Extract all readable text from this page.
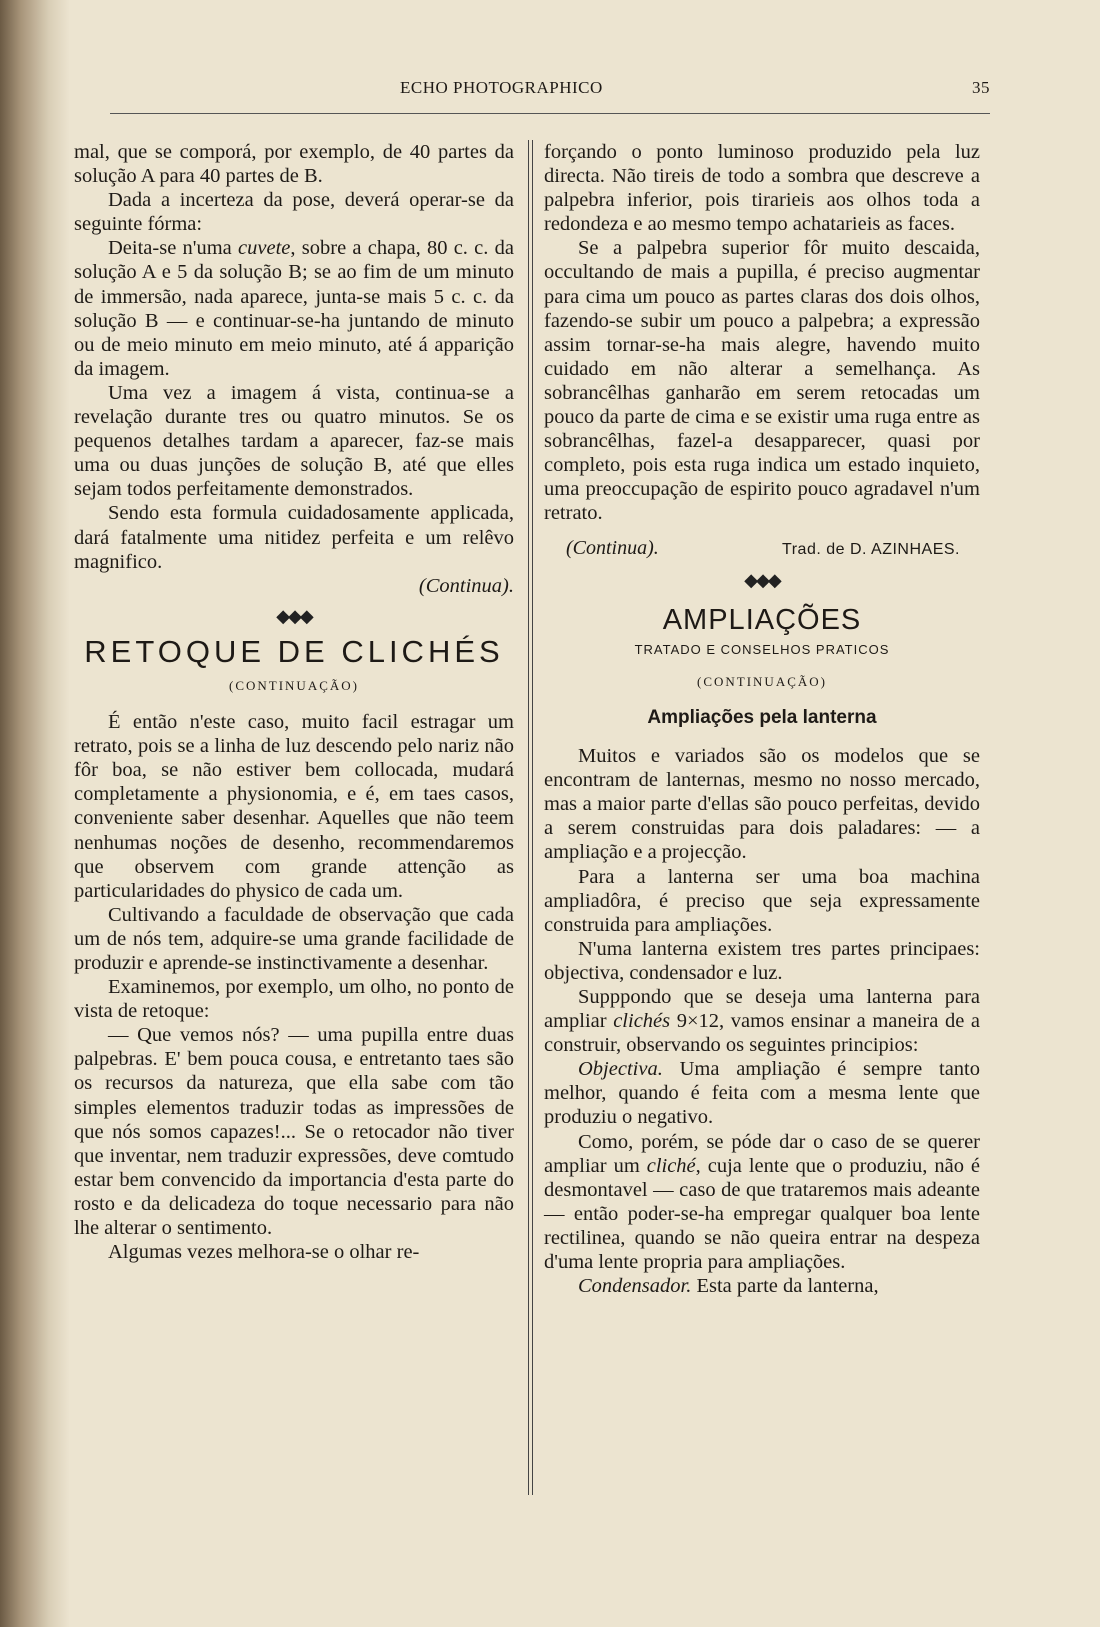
ECHO PHOTOGRAPHICO	35

mal, que se comporá, por exemplo, de 40 partes da solução A para 40 partes de B.

Dada a incerteza da pose, deverá operar-se da seguinte fórma:

Deita-se n'uma cuvete, sobre a chapa, 80 c. c. da solução A e 5 da solução B; se ao fim de um minuto de immersão, nada aparece, junta-se mais 5 c. c. da solução B — e continuar-se-ha juntando de minuto ou de meio minuto em meio minuto, até á apparição da imagem.

Uma vez a imagem á vista, continua-se a revelação durante tres ou quatro minutos. Se os pequenos detalhes tardam a aparecer, faz-se mais uma ou duas junções de solução B, até que elles sejam todos perfeitamente demonstrados.

Sendo esta formula cuidadosamente applicada, dará fatalmente uma nitidez perfeita e um relêvo magnifico.

(Continua).

◆◆◆
RETOQUE DE CLICHÉS
(CONTINUAÇÃO)

É então n'este caso, muito facil estragar um retrato, pois se a linha de luz descendo pelo nariz não fôr boa, se não estiver bem collocada, mudará completamente a physionomia, e é, em taes casos, conveniente saber desenhar. Aquelles que não teem nenhumas noções de desenho, recommendaremos que observem com grande attenção as particularidades do physico de cada um.

Cultivando a faculdade de observação que cada um de nós tem, adquire-se uma grande facilidade de produzir e aprende-se instinctivamente a desenhar.

Examinemos, por exemplo, um olho, no ponto de vista de retoque:

— Que vemos nós? — uma pupilla entre duas palpebras. E' bem pouca cousa, e entretanto taes são os recursos da natureza, que ella sabe com tão simples elementos traduzir todas as impressões de que nós somos capazes!... Se o retocador não tiver que inventar, nem traduzir expressões, deve comtudo estar bem convencido da importancia d'esta parte do rosto e da delicadeza do toque necessario para não lhe alterar o sentimento.

Algumas vezes melhora-se o olhar re-

forçando o ponto luminoso produzido pela luz directa. Não tireis de todo a sombra que descreve a palpebra inferior, pois tirarieis aos olhos toda a redondeza e ao mesmo tempo achatarieis as faces.

Se a palpebra superior fôr muito descaida, occultando de mais a pupilla, é preciso augmentar para cima um pouco as partes claras dos dois olhos, fazendo-se subir um pouco a palpebra; a expressão assim tornar-se-ha mais alegre, havendo muito cuidado em não alterar a semelhança. As sobrancêlhas ganharão em serem retocadas um pouco da parte de cima e se existir uma ruga entre as sobrancêlhas, fazel-a desapparecer, quasi por completo, pois esta ruga indica um estado inquieto, uma preoccupação de espirito pouco agradavel n'um retrato.

(Continua).	Trad. de D. AZINHAES.
◆◆◆
AMPLIAÇÕES
TRATADO E CONSELHOS PRATICOS
(CONTINUAÇÃO)
Ampliações pela lanterna

Muitos e variados são os modelos que se encontram de lanternas, mesmo no nosso mercado, mas a maior parte d'ellas são pouco perfeitas, devido a serem construidas para dois paladares: — a ampliação e a projecção.

Para a lanterna ser uma boa machina ampliadôra, é preciso que seja expressamente construida para ampliações.

N'uma lanterna existem tres partes principaes: objectiva, condensador e luz.

Supppondo que se deseja uma lanterna para ampliar clichés 9×12, vamos ensinar a maneira de a construir, observando os seguintes principios:

Objectiva. Uma ampliação é sempre tanto melhor, quando é feita com a mesma lente que produziu o negativo.

Como, porém, se póde dar o caso de se querer ampliar um cliché, cuja lente que o produziu, não é desmontavel — caso de que trataremos mais adeante — então poder-se-ha empregar qualquer boa lente rectilinea, quando se não queira entrar na despeza d'uma lente propria para ampliações.

Condensador. Esta parte da lanterna,
